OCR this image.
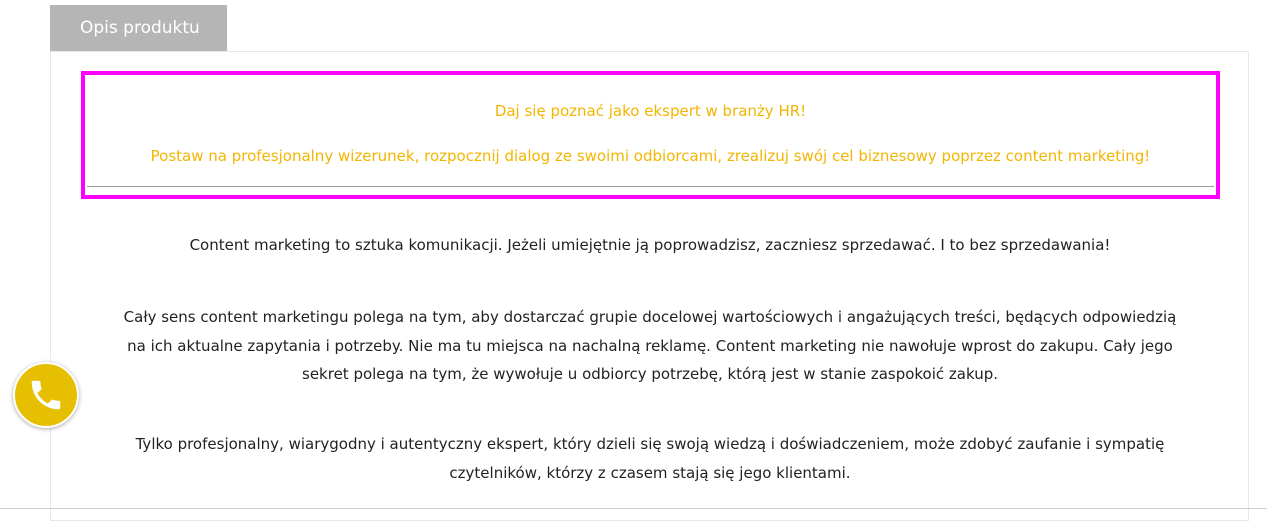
Opis produktu
Daj się poznać jako ekspert w branży HR!
Postaw na profesjonalny wizerunek, rozpocznij dialog ze swoimi odbiorcami, zrealizuj swój cel biznesowy poprzez content marketing!
Content marketing to sztuka komunikacji. Jeżeli umiejętnie ją poprowadzisz, zaczniesz sprzedawać. I to bez sprzedawania!
Cały sens content marketingu polega na tym, aby dostarczać grupie docelowej wartościowych i angażujących treści, będących odpowiedzią
na ich aktualne zapytania i potrzeby. Nie ma tu miejsca na nachalną reklamę. Content marketing nie nawołuje wprost do zakupu. Cały jego
sekret polega na tym, że wywołuje u odbiorcy potrzebę, którą jest w stanie zaspokoić zakup.
Tylko profesjonalny, wiarygodny i autentyczny ekspert, który dzieli się swoją wiedzą i doświadczeniem, może zdobyć zaufanie i sympatię
czytelników, którzy z czasem stają się jego klientami.
